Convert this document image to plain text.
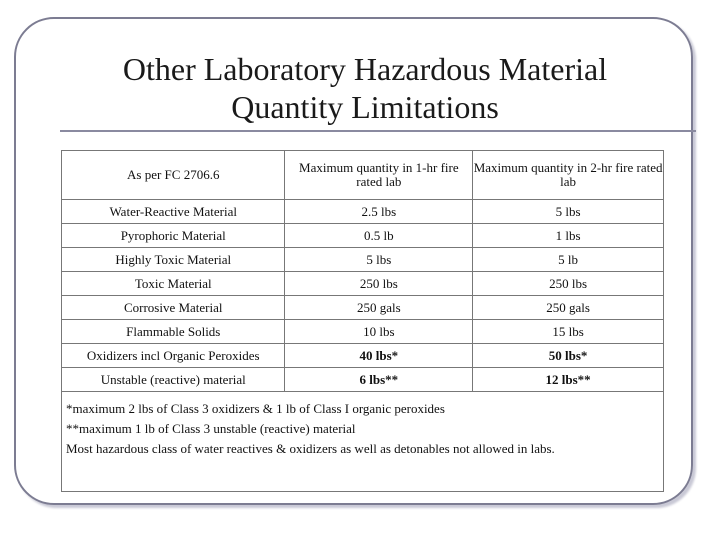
Other Laboratory Hazardous Material
Quantity Limitations
As per FC 2706.6	Maximum quantity in 1-hr fire rated lab	Maximum quantity in 2-hr fire rated lab
Water-Reactive Material	2.5 lbs	5 lbs
Pyrophoric Material	0.5 lb	1 lbs
Highly Toxic Material	5 lbs	5 lb
Toxic Material	250 lbs	250 lbs
Corrosive Material	250 gals	250 gals
Flammable Solids	10 lbs	15 lbs
Oxidizers incl Organic Peroxides	40 lbs*	50 lbs*
Unstable (reactive) material	6 lbs**	12 lbs**
*maximum 2 lbs of Class 3 oxidizers & 1 lb of Class I organic peroxides
**maximum 1 lb of Class 3 unstable (reactive) material
Most hazardous class of water reactives & oxidizers as well as detonables not allowed in labs.
